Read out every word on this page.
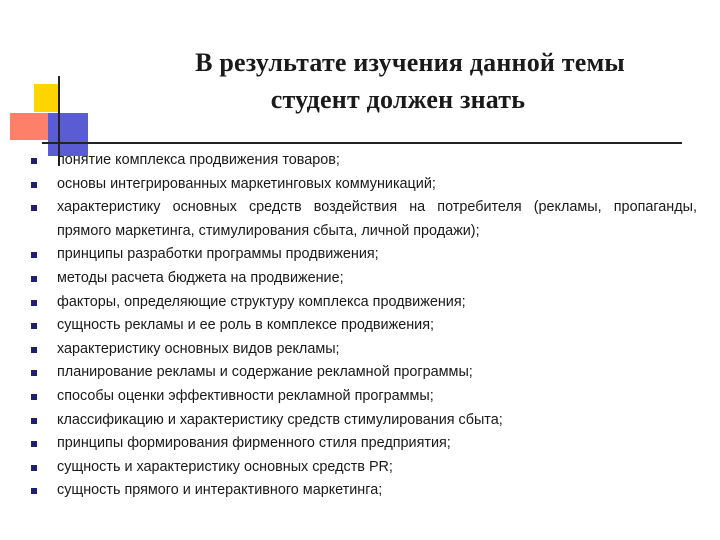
В результате изучения данной темы
студент должен знать
понятие комплекса продвижения товаров;
основы интегрированных маркетинговых коммуникаций;
характеристику основных средств воздействия на потребителя (рекламы, пропаганды, прямого маркетинга, стимулирования сбыта, личной продажи);
принципы разработки программы продвижения;
методы расчета бюджета на продвижение;
факторы, определяющие структуру комплекса продвижения;
сущность рекламы и ее роль в комплексе продвижения;
характеристику основных видов рекламы;
планирование рекламы и содержание рекламной программы;
способы оценки эффективности рекламной программы;
классификацию и характеристику средств стимулирования сбыта;
принципы формирования фирменного стиля предприятия;
сущность и характеристику основных средств PR;
сущность прямого и интерактивного маркетинга;
